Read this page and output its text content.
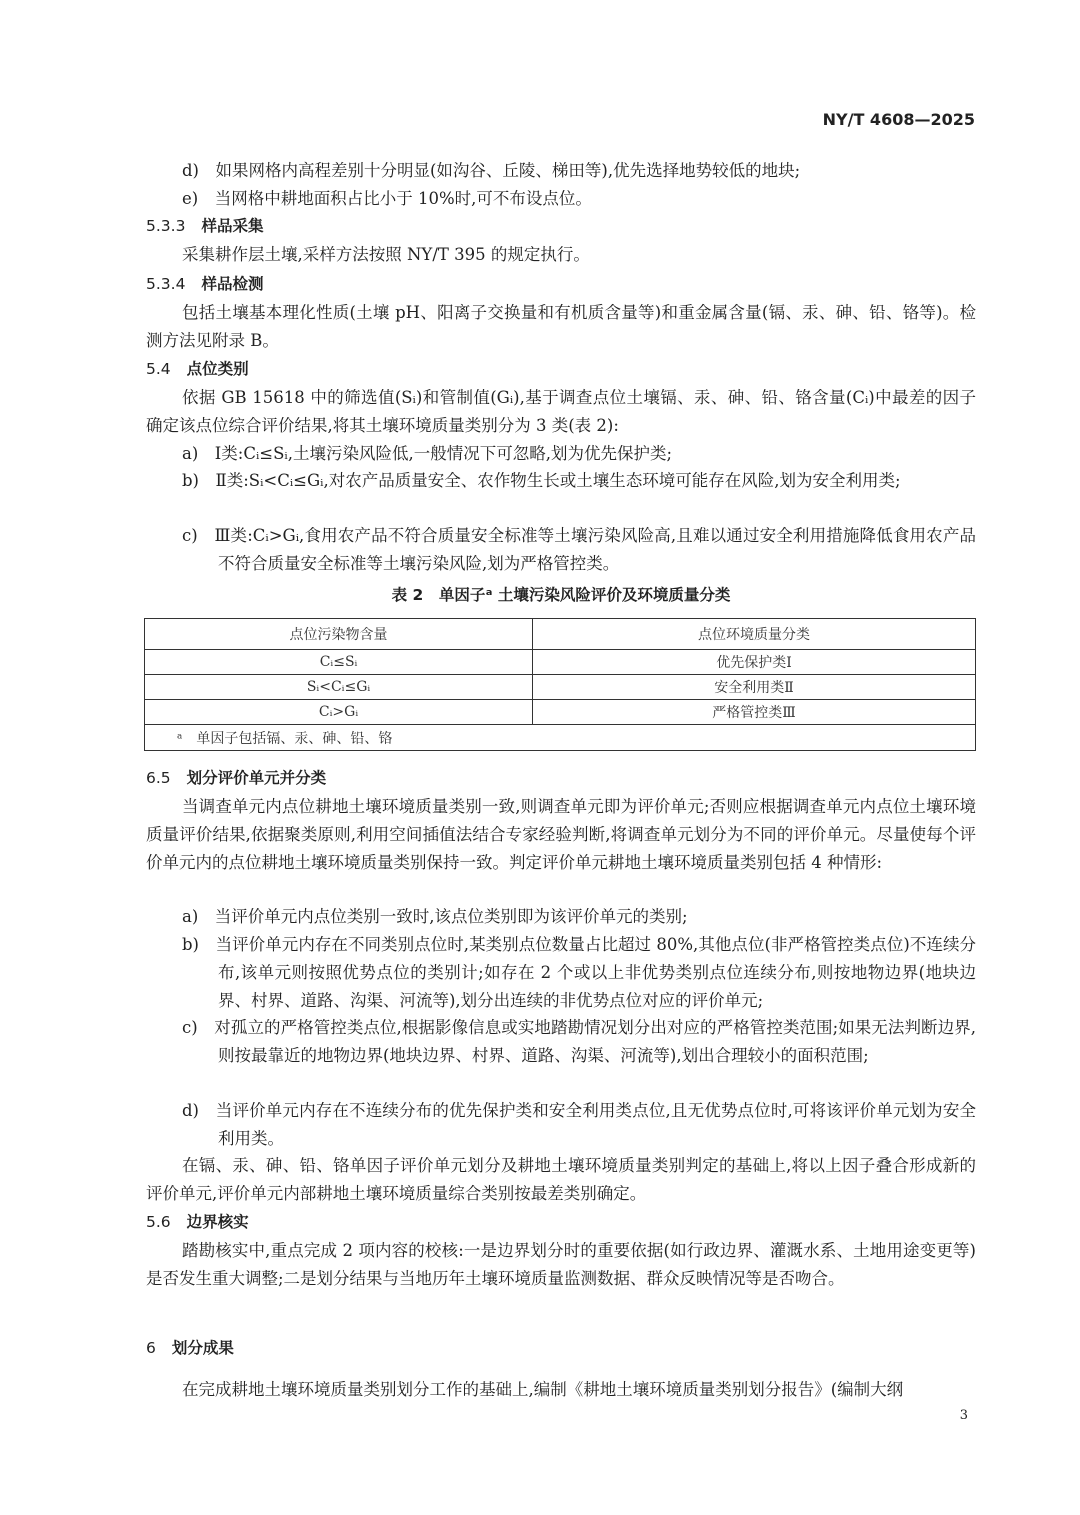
NY/T 4608—2025
d)　如果网格内高程差别十分明显(如沟谷、丘陵、梯田等),优先选择地势较低的地块;
e)　当网格中耕地面积占比小于 10%时,可不布设点位。
5.3.3 样品采集
采集耕作层土壤,采样方法按照 NY/T 395 的规定执行。
5.3.4 样品检测
包括土壤基本理化性质(土壤 pH、阳离子交换量和有机质含量等)和重金属含量(镉、汞、砷、铅、铬等)。检测方法见附录 B。
5.4 点位类别
依据 GB 15618 中的筛选值(Sᵢ)和管制值(Gᵢ),基于调查点位土壤镉、汞、砷、铅、铬含量(Cᵢ)中最差的因子确定该点位综合评价结果,将其土壤环境质量类别分为 3 类(表 2):
a)　Ⅰ类:Cᵢ≤Sᵢ,土壤污染风险低,一般情况下可忽略,划为优先保护类;
b)　Ⅱ类:Sᵢ<Cᵢ≤Gᵢ,对农产品质量安全、农作物生长或土壤生态环境可能存在风险,划为安全利用类;
c)　Ⅲ类:Cᵢ>Gᵢ,食用农产品不符合质量安全标准等土壤污染风险高,且难以通过安全利用措施降低食用农产品不符合质量安全标准等土壤污染风险,划为严格管控类。
表 2　单因子ᵃ 土壤污染风险评价及环境质量分类
点位污染物含量	点位环境质量分类
Cᵢ≤Sᵢ	优先保护类Ⅰ
Sᵢ<Cᵢ≤Gᵢ	安全利用类Ⅱ
Cᵢ>Gᵢ	严格管控类Ⅲ
ᵃ　单因子包括镉、汞、砷、铅、铬	
6.5 划分评价单元并分类
当调查单元内点位耕地土壤环境质量类别一致,则调查单元即为评价单元;否则应根据调查单元内点位土壤环境质量评价结果,依据聚类原则,利用空间插值法结合专家经验判断,将调查单元划分为不同的评价单元。尽量使每个评价单元内的点位耕地土壤环境质量类别保持一致。判定评价单元耕地土壤环境质量类别包括 4 种情形:
a)　当评价单元内点位类别一致时,该点位类别即为该评价单元的类别;
b)　当评价单元内存在不同类别点位时,某类别点位数量占比超过 80%,其他点位(非严格管控类点位)不连续分布,该单元则按照优势点位的类别计;如存在 2 个或以上非优势类别点位连续分布,则按地物边界(地块边界、村界、道路、沟渠、河流等),划分出连续的非优势点位对应的评价单元;
c)　对孤立的严格管控类点位,根据影像信息或实地踏勘情况划分出对应的严格管控类范围;如果无法判断边界,则按最靠近的地物边界(地块边界、村界、道路、沟渠、河流等),划出合理较小的面积范围;
d)　当评价单元内存在不连续分布的优先保护类和安全利用类点位,且无优势点位时,可将该评价单元划为安全利用类。
在镉、汞、砷、铅、铬单因子评价单元划分及耕地土壤环境质量类别判定的基础上,将以上因子叠合形成新的评价单元,评价单元内部耕地土壤环境质量综合类别按最差类别确定。
5.6 边界核实
踏勘核实中,重点完成 2 项内容的校核:一是边界划分时的重要依据(如行政边界、灌溉水系、土地用途变更等)是否发生重大调整;二是划分结果与当地历年土壤环境质量监测数据、群众反映情况等是否吻合。
6 划分成果
在完成耕地土壤环境质量类别划分工作的基础上,编制《耕地土壤环境质量类别划分报告》(编制大纲
3
